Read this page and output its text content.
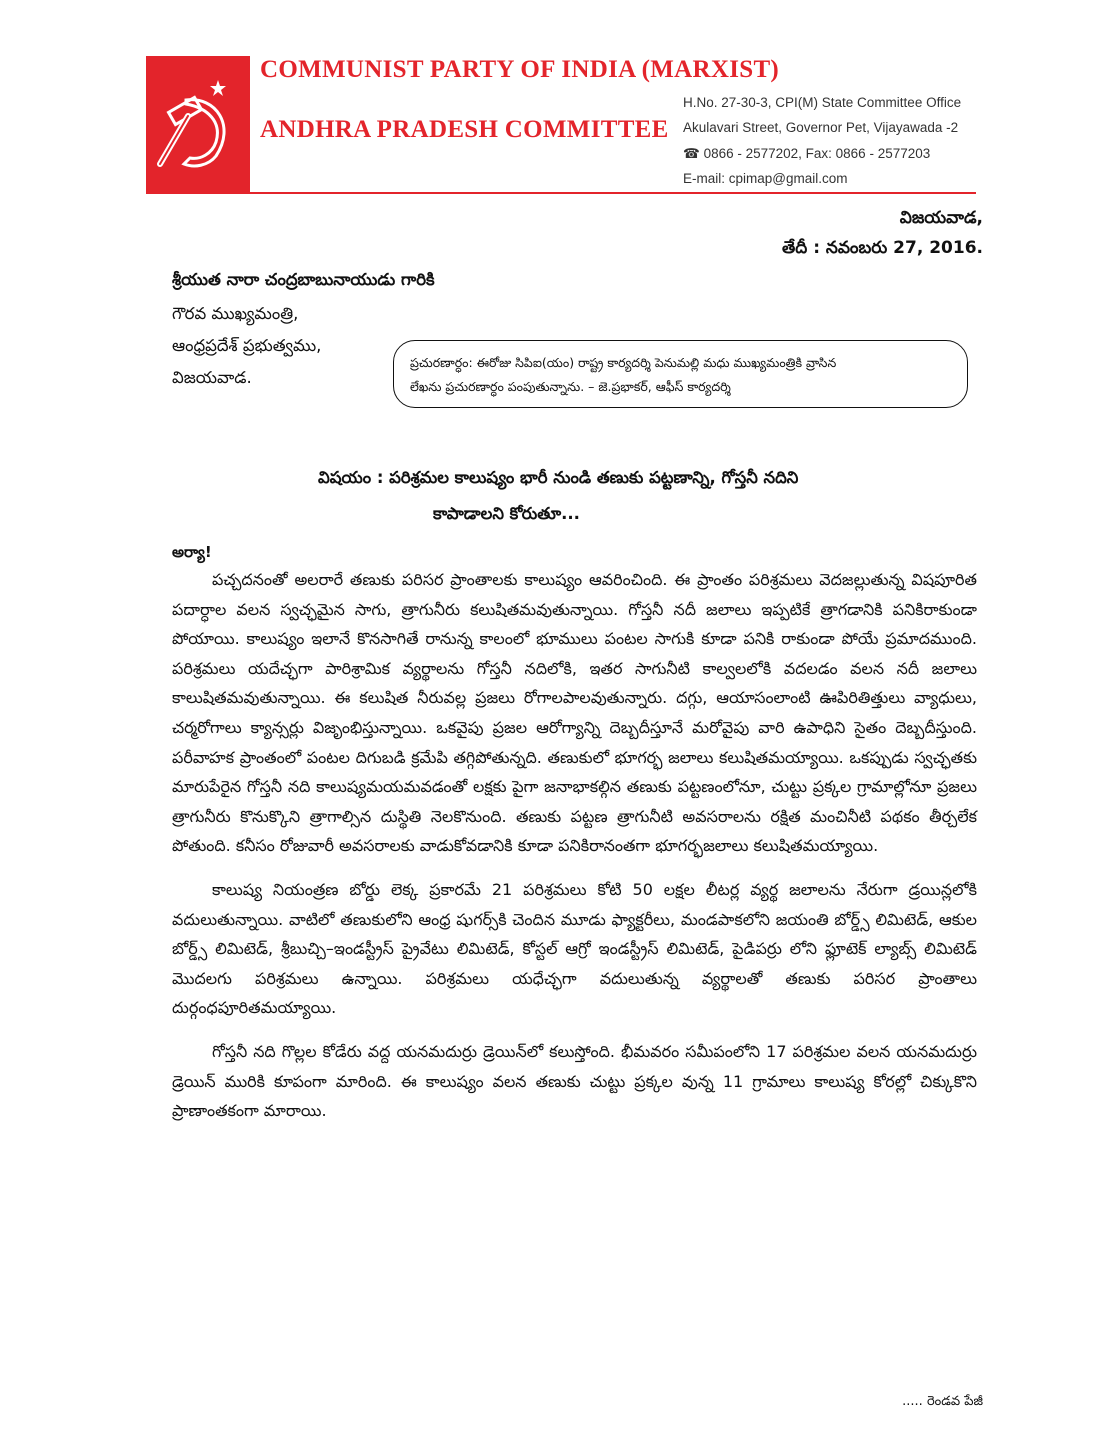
COMMUNIST PARTY OF INDIA (MARXIST)
ANDHRA PRADESH COMMITTEE
H.No. 27-30-3, CPI(M) State Committee Office
Akulavari Street, Governor Pet, Vijayawada -2
☎ 0866 - 2577202, Fax: 0866 - 2577203
E-mail: cpimap@gmail.com
విజయవాడ,
తేదీ : నవంబరు 27, 2016.
శ్రీయుత నారా చంద్రబాబునాయుడు గారికి
గౌరవ ముఖ్యమంత్రి,
ఆంధ్రప్రదేశ్ ప్రభుత్వము,
విజయవాడ.
ప్రచురణార్ధం: ఈరోజు సిపిఐ(యం) రాష్ట్ర కార్యదర్శి పెనుమల్లి మధు ముఖ్యమంత్రికి వ్రాసిన
లేఖను ప్రచురణార్ధం పంపుతున్నాను. – జె.ప్రభాకర్, ఆఫీస్ కార్యదర్శి
విషయం : పరిశ్రమల కాలుష్యం భారీ నుండి తణుకు పట్టణాన్ని, గోస్తనీ నదిని
కాపాడాలని కోరుతూ...
అర్యా!

పచ్చదనంతో అలరారే తణుకు పరిసర ప్రాంతాలకు కాలుష్యం ఆవరించింది. ఈ ప్రాంతం పరిశ్రమలు వెదజల్లుతున్న విషపూరిత పదార్ధాల వలన స్వచ్ఛమైన సాగు, త్రాగునీరు కలుషితమవుతున్నాయి. గోస్తనీ నదీ జలాలు ఇప్పటికే త్రాగడానికి పనికిరాకుండా పోయాయి. కాలుష్యం ఇలానే కొనసాగితే రానున్న కాలంలో భూములు పంటల సాగుకి కూడా పనికి రాకుండా పోయే ప్రమాదముంది. పరిశ్రమలు యదేచ్ఛగా పారిశ్రామిక వ్యర్థాలను గోస్తనీ నదిలోకి, ఇతర సాగునీటి కాల్వలలోకి వదలడం వలన నదీ జలాలు కాలుషితమవుతున్నాయి. ఈ కలుషిత నీరువల్ల ప్రజలు రోగాలపాలవుతున్నారు. దగ్గు, ఆయాసంలాంటి ఊపిరితిత్తులు వ్యాధులు, చర్మరోగాలు క్యాన్సర్లు విజృంభిస్తున్నాయి. ఒకవైపు ప్రజల ఆరోగ్యాన్ని దెబ్బదీస్తూనే మరోవైపు వారి ఉపాధిని సైతం దెబ్బదీస్తుంది. పరీవాహక ప్రాంతంలో పంటల దిగుబడి క్రమేపి తగ్గిపోతున్నది. తణుకులో భూగర్భ జలాలు కలుషితమయ్యాయి. ఒకప్పుడు స్వచ్ఛతకు మారుపేరైన గోస్తనీ నది కాలుష్యమయమవడంతో లక్షకు పైగా జనాభాకల్గిన తణుకు పట్టణంలోనూ, చుట్టు ప్రక్కల గ్రామాల్లోనూ ప్రజలు త్రాగునీరు కొనుక్కొని త్రాగాల్సిన దుస్థితి నెలకొనుంది. తణుకు పట్టణ త్రాగునీటి అవసరాలను రక్షిత మంచినీటి పథకం తీర్చలేక పోతుంది. కనీసం రోజువారీ అవసరాలకు వాడుకోవడానికి కూడా పనికిరానంతగా భూగర్భజలాలు కలుషితమయ్యాయి.

కాలుష్య నియంత్రణ బోర్డు లెక్క ప్రకారమే 21 పరిశ్రమలు కోటి 50 లక్షల లీటర్ల వ్యర్థ జలాలను నేరుగా డ్రయిన్లలోకి వదులుతున్నాయి. వాటిలో తణుకులోని ఆంధ్ర షుగర్స్‌కి చెందిన మూడు ఫ్యాక్టరీలు, మండపాకలోని జయంతి బోర్డ్స్ లిమిటెడ్, ఆకుల బోర్డ్స్ లిమిటెడ్, శ్రీబుచ్చి–ఇండస్ట్రీస్ ప్రైవేటు లిమిటెడ్, కోస్టల్ ఆగ్రో ఇండస్ట్రీస్ లిమిటెడ్, పైడిపర్రు లోని ఫ్లూటెక్ ల్యాబ్స్ లిమిటెడ్ మొదలగు పరిశ్రమలు ఉన్నాయి. పరిశ్రమలు యధేచ్ఛగా వదులుతున్న వ్యర్థాలతో తణుకు పరిసర ప్రాంతాలు దుర్గంధపూరితమయ్యాయి.

గోస్తనీ నది గొల్లల కోడేరు వద్ద యనమదుర్రు డ్రెయిన్‌లో కలుస్తోంది. భీమవరం సమీపంలోని 17 పరిశ్రమల వలన యనమదుర్రు డ్రెయిన్ మురికి కూపంగా మారింది. ఈ కాలుష్యం వలన తణుకు చుట్టు ప్రక్కల వున్న 11 గ్రామాలు కాలుష్య కోరల్లో చిక్కుకొని ప్రాణాంతకంగా మారాయి.

..... రెండవ పేజీ
